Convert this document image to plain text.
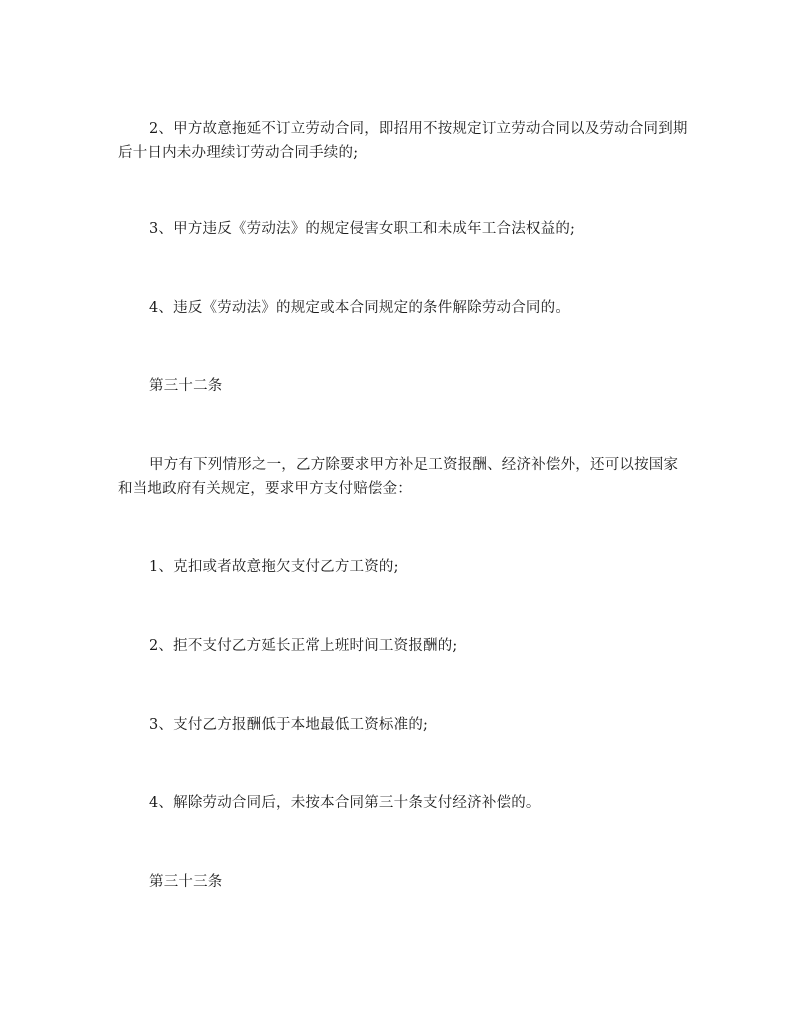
2、甲方故意拖延不订立劳动合同，即招用不按规定订立劳动合同以及劳动合同到期后十日内未办理续订劳动合同手续的;

3、甲方违反《劳动法》的规定侵害女职工和未成年工合法权益的;

4、违反《劳动法》的规定或本合同规定的条件解除劳动合同的。

第三十二条

甲方有下列情形之一，乙方除要求甲方补足工资报酬、经济补偿外，还可以按国家和当地政府有关规定，要求甲方支付赔偿金：

1、克扣或者故意拖欠支付乙方工资的;

2、拒不支付乙方延长正常上班时间工资报酬的;

3、支付乙方报酬低于本地最低工资标准的;

4、解除劳动合同后，未按本合同第三十条支付经济补偿的。

第三十三条
